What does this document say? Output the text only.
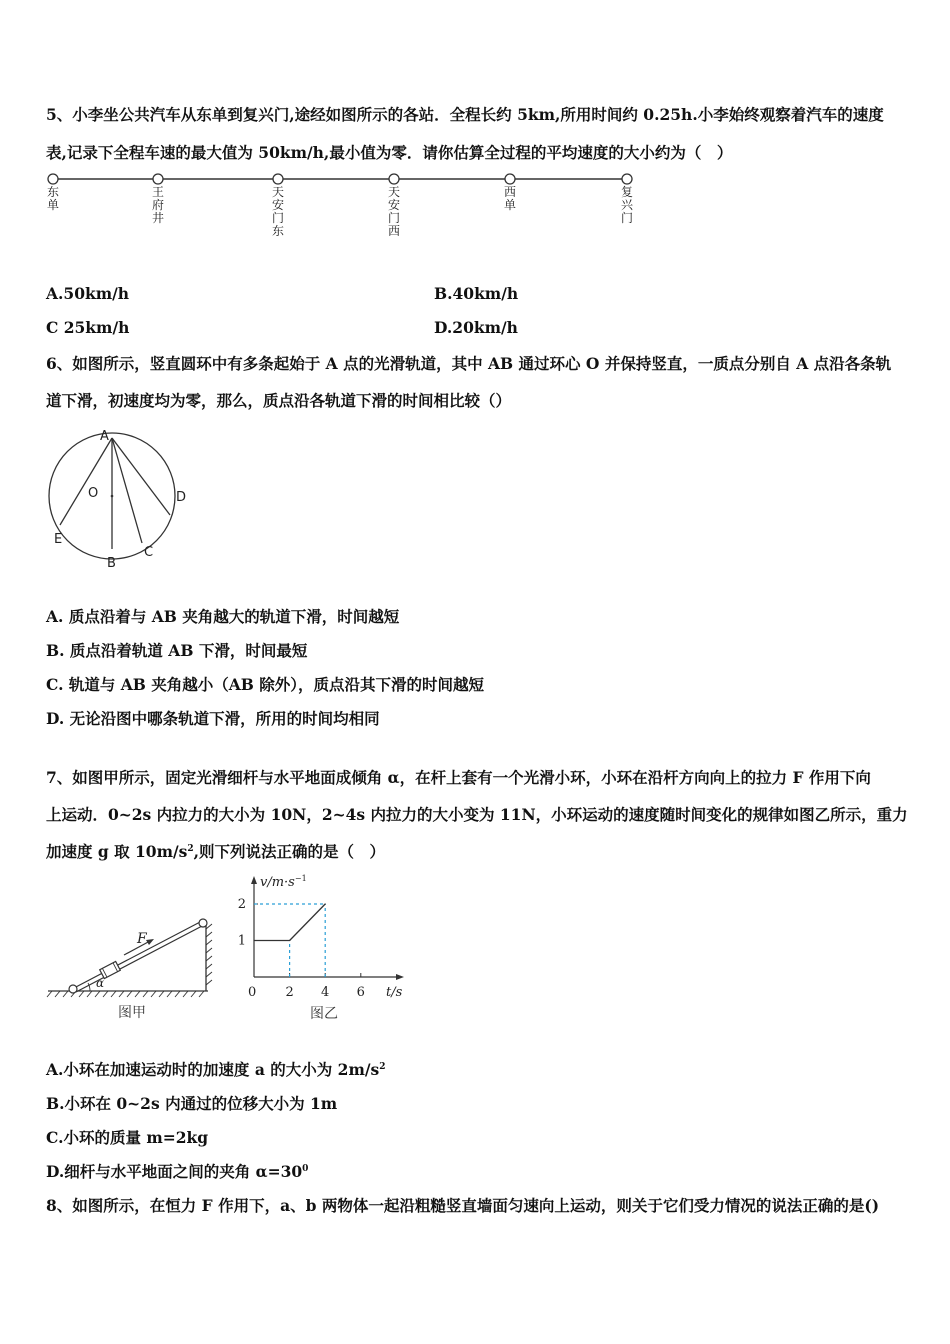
5、小李坐公共汽车从东单到复兴门,途经如图所示的各站．全程长约 5km,所用时间约 0.25h.小李始终观察着汽车的速度
表,记录下全程车速的最大值为 50km/h,最小值为零．请你估算全过程的平均速度的大小约为（　）
东单
王府井
天安门东
天安门西
西单
复兴门
A.50km/h	B.40km/h
C 25km/h	D.20km/h
6、如图所示，竖直圆环中有多条起始于 A 点的光滑轨道，其中 AB 通过环心 O 并保持竖直，一质点分别自 A 点沿各条轨
道下滑，初速度均为零，那么，质点沿各轨道下滑的时间相比较（）
A
O	D
E
C
B
A. 质点沿着与 AB 夹角越大的轨道下滑，时间越短
B. 质点沿着轨道 AB 下滑，时间最短
C. 轨道与 AB 夹角越小（AB 除外），质点沿其下滑的时间越短
D. 无论沿图中哪条轨道下滑，所用的时间均相同
7、如图甲所示，固定光滑细杆与水平地面成倾角 α，在杆上套有一个光滑小环，小环在沿杆方向向上的拉力 F 作用下向
上运动．0~2s 内拉力的大小为 10N，2~4s 内拉力的大小变为 11N，小环运动的速度随时间变化的规律如图乙所示，重力
加速度 g 取 $10m/s^2$,则下列说法正确的是（　）
F
α
图甲
2 4 6
1
2
$v/m\cdot s^{-1}$
t/s
0
图乙
A.小环在加速运动时的加速度 a 的大小为 $2m/s^2$
B.小环在 0~2s 内通过的位移大小为 1m
C.小环的质量 m=2kg
D.细杆与水平地面之间的夹角 $\alpha=30^0$
8、如图所示，在恒力 F 作用下，a、b 两物体一起沿粗糙竖直墙面匀速向上运动，则关于它们受力情况的说法正确的是()
